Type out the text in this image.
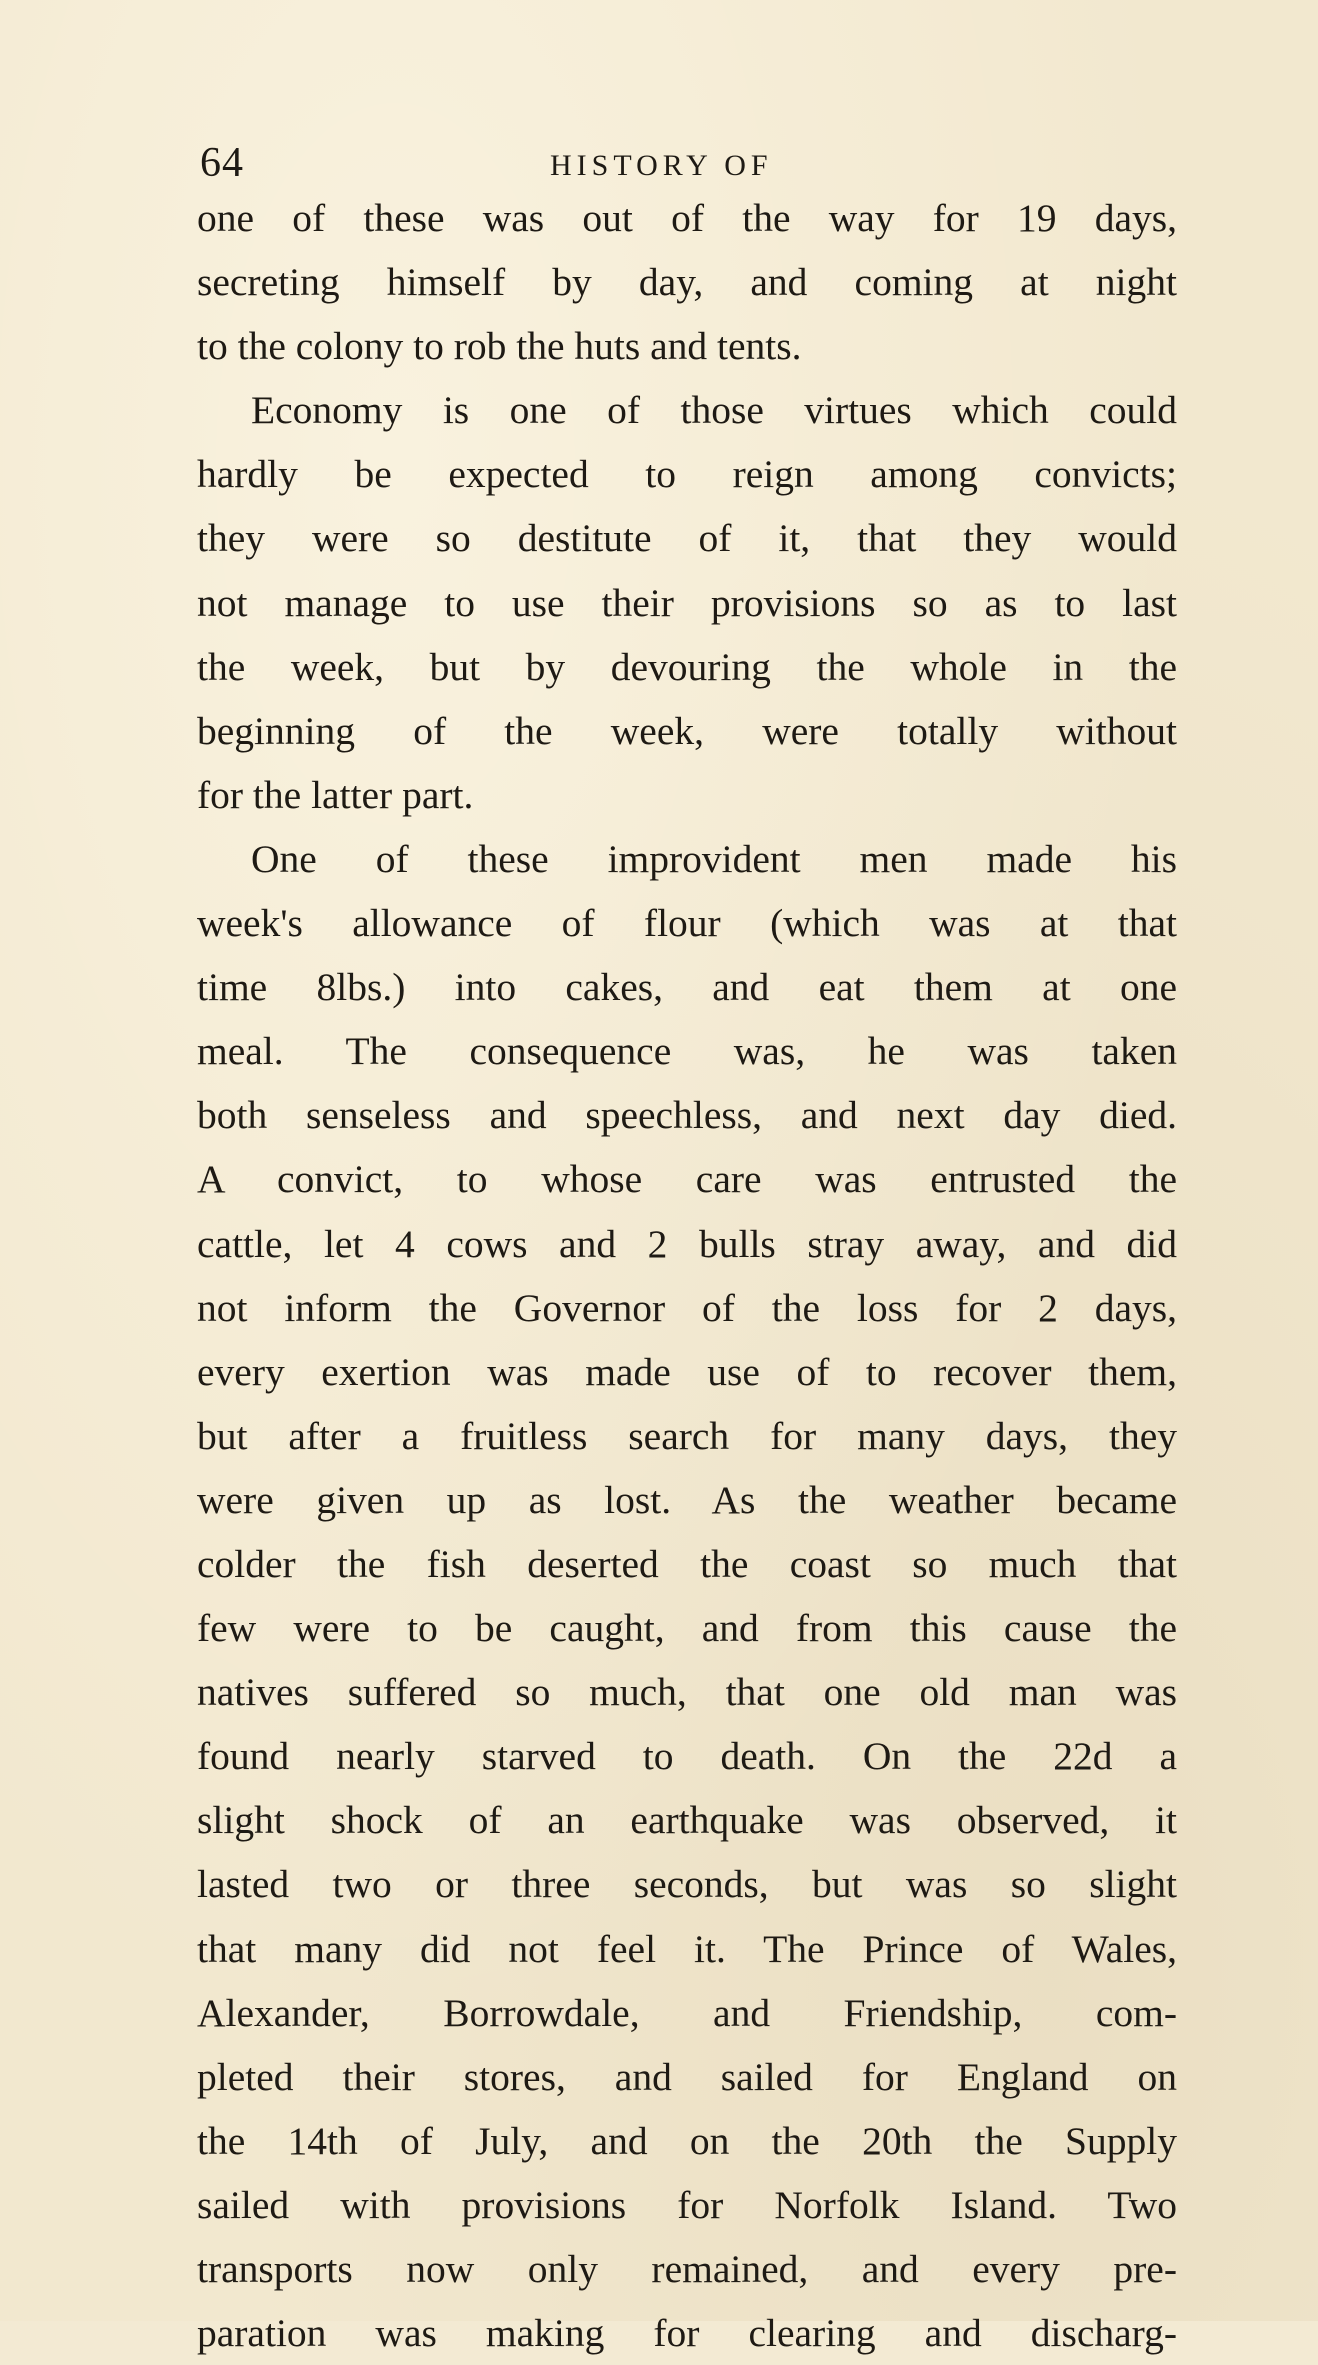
64	HISTORY OF
one of these was out of the way for 19 days,
secreting himself by day, and coming at night
to the colony to rob the huts and tents.
Economy is one of those virtues which could
hardly be expected to reign among convicts;
they were so destitute of it, that they would
not manage to use their provisions so as to last
the week, but by devouring the whole in the
beginning of the week, were totally without
for the latter part.
One of these improvident men made his
week's allowance of flour (which was at that
time 8lbs.) into cakes, and eat them at one
meal. The consequence was, he was taken
both senseless and speechless, and next day died.
A convict, to whose care was entrusted the
cattle, let 4 cows and 2 bulls stray away, and did
not inform the Governor of the loss for 2 days,
every exertion was made use of to recover them,
but after a fruitless search for many days, they
were given up as lost. As the weather became
colder the fish deserted the coast so much that
few were to be caught, and from this cause the
natives suffered so much, that one old man was
found nearly starved to death. On the 22d a
slight shock of an earthquake was observed, it
lasted two or three seconds, but was so slight
that many did not feel it. The Prince of Wales,
Alexander, Borrowdale, and Friendship, com-
pleted their stores, and sailed for England on
the 14th of July, and on the 20th the Supply
sailed with provisions for Norfolk Island. Two
transports now only remained, and every pre-
paration was making for clearing and discharg-
